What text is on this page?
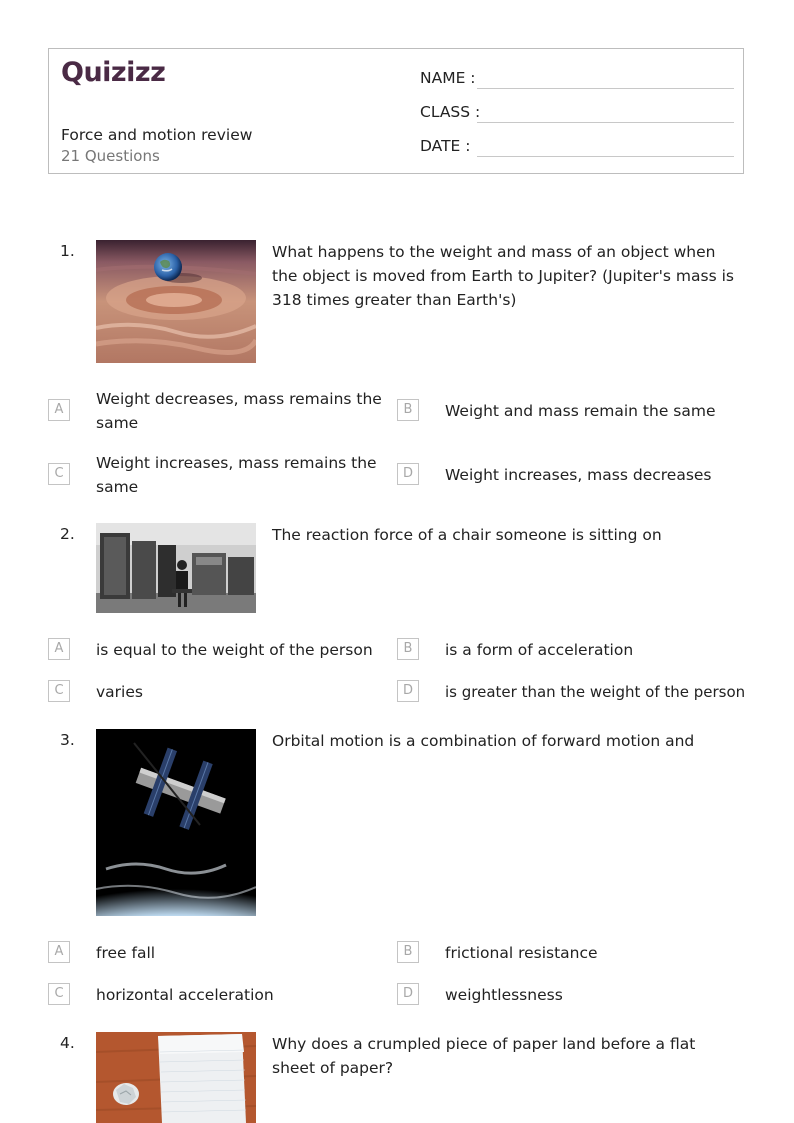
Quizizz
Force and motion review
21 Questions
NAME :
CLASS :
DATE :
1.	What happens to the weight and mass of an object when the object is moved from Earth to Jupiter? (Jupiter's mass is 318 times greater than Earth's)
A
Weight decreases, mass remains the same
B	Weight and mass remain the same
C
Weight increases, mass remains the same
D	Weight increases, mass decreases
2.	The reaction force of a chair someone is sitting on
A	is equal to the weight of the person	B	is a form of acceleration
C	varies	D	is greater than the weight of the person
3.	Orbital motion is a combination of forward motion and
A	free fall	B	frictional resistance
C	horizontal acceleration	D	weightlessness
4.	Why does a crumpled piece of paper land before a flat sheet of paper?
